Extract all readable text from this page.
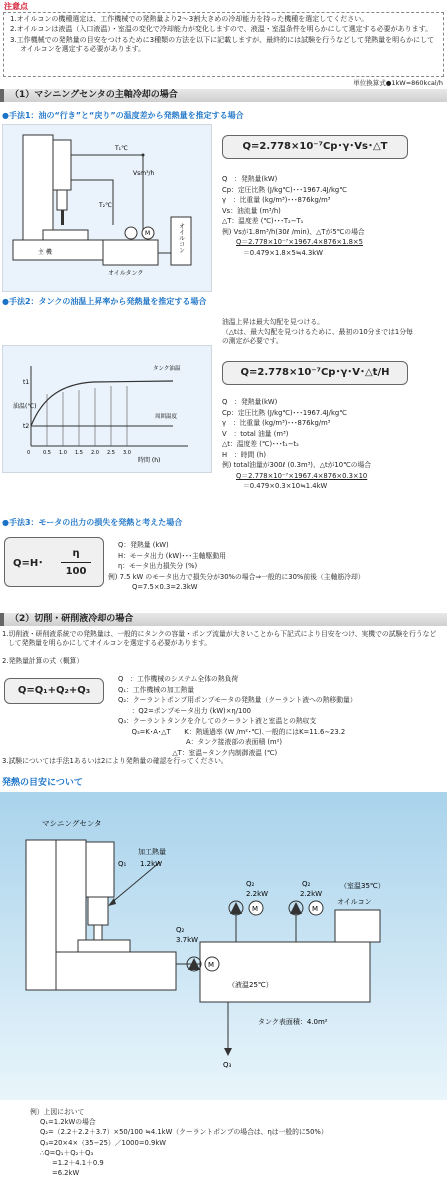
注意点

1.オイルコンの機種選定は、工作機械での発熱量より2～3割大きめの冷却能力を持った機種を選定してください。

2.オイルコンは液温（入口液温）・室温の変化で冷却能力が変化しますので、液温・室温条件を明らかにして選定する必要があります。

3.工作機械での発熱量の目安をつけるために3種類の方法を以下に記載しますが、最終的には試験を行うなどして発熱量を明らかにしてオイルコンを選定する必要があります。

単位換算式●1kW=860kcal/h
（1）マシニングセンタの主軸冷却の場合
●手法1：油の“行き”と“戻り”の温度差から発熱量を推定する場合
主 機
T₁℃
Vsm³/h
T₂℃
M
オイルタンク
オイルコン
Q=2.778×10⁻⁷Cp･γ･Vs･△T
Q　：発熱量(kW)
Cp：定圧比熱 (J/kg℃)･･･1967.4J/kg℃
γ　：比重量 (kg/m³)･･･876kg/m³
Vs：油流量 (m³/h)
△T：温度差 (℃)･･･T₂−T₁
例) Vsが1.8m³/h(30ℓ /min)、△Tが5℃の場合
Q＝2.778×10⁻⁷×1967.4×876×1.8×5
＝0.479×1.8×5≒4.3kW
●手法2：タンクの油温上昇率から発熱量を推定する場合
油温上昇は最大勾配を見つける。
（△tは、最大勾配を見つけるために、最初の10分までは1分毎の測定が必要です。
油温(℃)
t1
t2
0	0.5 1.0 1.5 2.0 2.5 3.0
タンク油温
周囲温度
時間 (h)
Q=2.778×10⁻⁷Cp･γ･V･△t/H
Q　：発熱量(kW)
Cp：定圧比熱 (J/kg℃)･･･1967.4J/kg℃
γ　：比重量 (kg/m³)･･･876kg/m³
V　：total 油量 (m³)
△t：温度差 (℃)･･･t₁−t₂
H　：時間 (h)
例) total油量が300ℓ (0.3m³)、△tが10℃の場合
Q＝2.778×10⁻⁷×1967.4×876×0.3×10
＝0.479×0.3×10≒1.4kW
●手法3：モータの出力の損失を発熱と考えた場合
Q=H･
η
100
Q：発熱量 (kW)
H：モータ出力 (kW)･･･主軸駆動用
η：モータ出力損失分 (%)
例) 7.5 kW のモータ出力で損失分が30%の場合⇒一般的に30%前後（主軸筋冷却）
Q=7.5×0.3=2.3kW
（2）切削・研削液冷却の場合
1.切削液・研削液系統での発熱量は、一般的にタンクの容量・ポンプ流量が大きいことから下記式により目安をつけ、実機での試験を行うなどして発熱量を明らかにしてオイルコンを選定する必要があります。
2.発熱量計算の式（概算）
Q=Q₁+Q₂+Q₃
Q　：工作機械のシステム全体の熱負荷
Q₁：工作機械の加工熱量
Q₂：クーラントポンプ用ポンプモータの発熱量（クーラント液への熱移動量）
　　：Q2=ポンプモータ出力 (kW)×η/100
Q₃：クーラントタンクを介してのクーラント液と室温との熱収支
　　Q₃=K･A･△T　　K：熱通過率 (W /m²･℃)､一般的にはK=11.6∼23.2
　　　　　　　　　　A：タンク接液部の表面積 (m²)
　　　　　　　　△T：室温−タンク内制御液温 (℃)
3.試験については手法1あるいは2により発熱量の確認を行ってください。
発熱の目安について
マシニングセンタ
加工熱量
Q₁ 1.2kW
（液温25℃）
タンク表面積：4.0m²
M
Q₂
2.2kW
M
Q₂
2.2kW
M
Q₂
3.7kW
オイルコン
（室温35℃）
Q₃
例）上図において
Q₁=1.2kWの場合
Q₂=（2.2＋2.2＋3.7）×50/100 ≒4.1kW（クーラントポンプの場合は、ηは一般的に50%）
Q₃=20×4×（35−25）／1000=0.9kW
∴Q=Q₁＋Q₂＋Q₃
=1.2＋4.1＋0.9
=6.2kW
